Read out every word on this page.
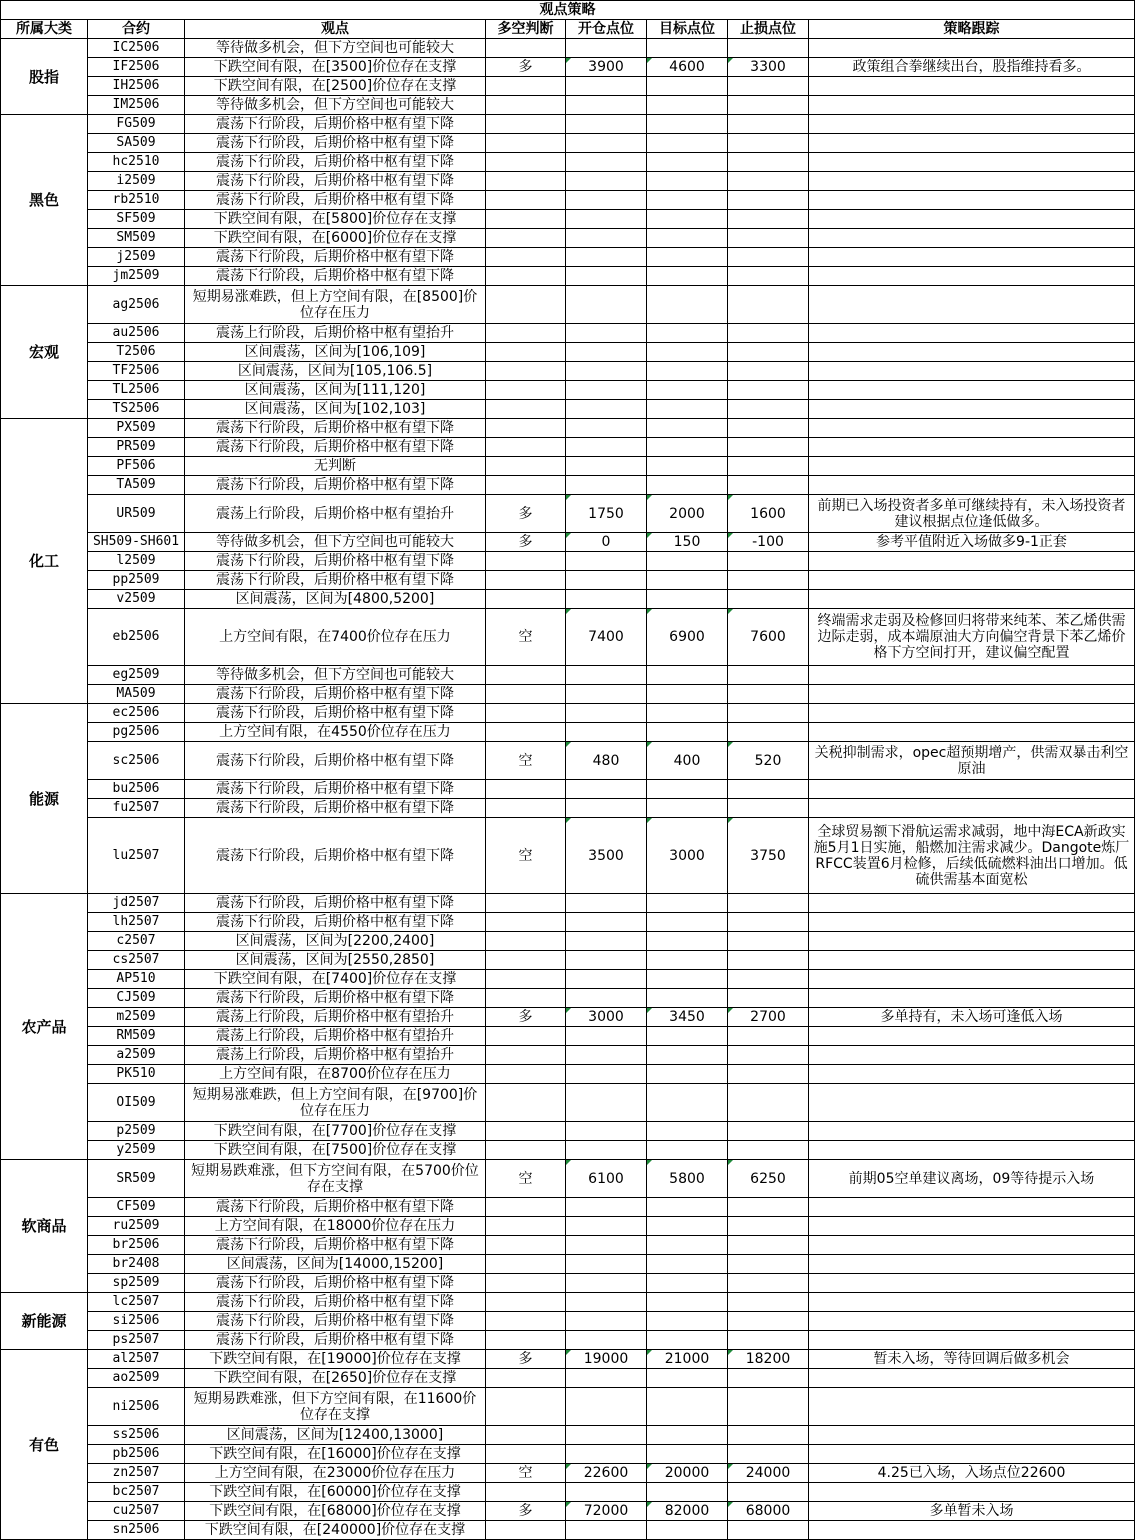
观点策略							
所属大类	合约	观点	多空判断	开仓点位	目标点位	止损点位	策略跟踪
股指	IC2506	等待做多机会，但下方空间也可能较大					
	IF2506	下跌空间有限，在[3500]价位存在支撑	多	3900	4600	3300	政策组合拳继续出台，股指维持看多。
	IH2506	下跌空间有限，在[2500]价位存在支撑					
	IM2506	等待做多机会，但下方空间也可能较大					
黑色	FG509	震荡下行阶段，后期价格中枢有望下降					
	SA509	震荡下行阶段，后期价格中枢有望下降					
	hc2510	震荡下行阶段，后期价格中枢有望下降					
	i2509	震荡下行阶段，后期价格中枢有望下降					
	rb2510	震荡下行阶段，后期价格中枢有望下降					
	SF509	下跌空间有限，在[5800]价位存在支撑					
	SM509	下跌空间有限，在[6000]价位存在支撑					
	j2509	震荡下行阶段，后期价格中枢有望下降					
	jm2509	震荡下行阶段，后期价格中枢有望下降					
宏观	ag2506	短期易涨难跌，但上方空间有限，在[8500]价位存在压力					
	au2506	震荡上行阶段，后期价格中枢有望抬升					
	T2506	区间震荡，区间为[106,109]					
	TF2506	区间震荡，区间为[105,106.5]					
	TL2506	区间震荡，区间为[111,120]					
	TS2506	区间震荡，区间为[102,103]					
化工	PX509	震荡下行阶段，后期价格中枢有望下降					
	PR509	震荡下行阶段，后期价格中枢有望下降					
	PF506	无判断					
	TA509	震荡下行阶段，后期价格中枢有望下降					
	UR509	震荡上行阶段，后期价格中枢有望抬升	多	1750	2000	1600	前期已入场投资者多单可继续持有，未入场投资者建议根据点位逢低做多。
	SH509-SH601	等待做多机会，但下方空间也可能较大	多	0	150	-100	参考平值附近入场做多9-1正套
	l2509	震荡下行阶段，后期价格中枢有望下降					
	pp2509	震荡下行阶段，后期价格中枢有望下降					
	v2509	区间震荡，区间为[4800,5200]					
	eb2506	上方空间有限，在7400价位存在压力	空	7400	6900	7600	终端需求走弱及检修回归将带来纯苯、苯乙烯供需边际走弱，成本端原油大方向偏空背景下苯乙烯价格下方空间打开，建议偏空配置
	eg2509	等待做多机会，但下方空间也可能较大					
	MA509	震荡下行阶段，后期价格中枢有望下降					
能源	ec2506	震荡下行阶段，后期价格中枢有望下降					
	pg2506	上方空间有限，在4550价位存在压力					
	sc2506	震荡下行阶段，后期价格中枢有望下降	空	480	400	520	关税抑制需求，opec超预期增产，供需双暴击利空原油
	bu2506	震荡下行阶段，后期价格中枢有望下降					
	fu2507	震荡下行阶段，后期价格中枢有望下降					
	lu2507	震荡下行阶段，后期价格中枢有望下降	空	3500	3000	3750	全球贸易额下滑航运需求减弱，地中海ECA新政实施5月1日实施，船燃加注需求减少。Dangote炼厂RFCC装置6月检修，后续低硫燃料油出口增加。低硫供需基本面宽松
农产品	jd2507	震荡下行阶段，后期价格中枢有望下降					
	lh2507	震荡下行阶段，后期价格中枢有望下降					
	c2507	区间震荡，区间为[2200,2400]					
	cs2507	区间震荡，区间为[2550,2850]					
	AP510	下跌空间有限，在[7400]价位存在支撑					
	CJ509	震荡下行阶段，后期价格中枢有望下降					
	m2509	震荡上行阶段，后期价格中枢有望抬升	多	3000	3450	2700	多单持有，未入场可逢低入场
	RM509	震荡上行阶段，后期价格中枢有望抬升					
	a2509	震荡上行阶段，后期价格中枢有望抬升					
	PK510	上方空间有限，在8700价位存在压力					
	OI509	短期易涨难跌，但上方空间有限，在[9700]价位存在压力					
	p2509	下跌空间有限，在[7700]价位存在支撑					
	y2509	下跌空间有限，在[7500]价位存在支撑					
软商品	SR509	短期易跌难涨，但下方空间有限，在5700价位存在支撑	空	6100	5800	6250	前期05空单建议离场，09等待提示入场
	CF509	震荡下行阶段，后期价格中枢有望下降					
	ru2509	上方空间有限，在18000价位存在压力					
	br2506	震荡下行阶段，后期价格中枢有望下降					
	br2408	区间震荡，区间为[14000,15200]					
	sp2509	震荡下行阶段，后期价格中枢有望下降					
新能源	lc2507	震荡下行阶段，后期价格中枢有望下降					
	si2506	震荡下行阶段，后期价格中枢有望下降					
	ps2507	震荡下行阶段，后期价格中枢有望下降					
有色	al2507	下跌空间有限，在[19000]价位存在支撑	多	19000	21000	18200	暂未入场，等待回调后做多机会
	ao2509	下跌空间有限，在[2650]价位存在支撑					
	ni2506	短期易跌难涨，但下方空间有限，在11600价位存在支撑					
	ss2506	区间震荡，区间为[12400,13000]					
	pb2506	下跌空间有限，在[16000]价位存在支撑					
	zn2507	上方空间有限，在23000价位存在压力	空	22600	20000	24000	4.25已入场，入场点位22600
	bc2507	下跌空间有限，在[60000]价位存在支撑					
	cu2507	下跌空间有限，在[68000]价位存在支撑	多	72000	82000	68000	多单暂未入场
	sn2506	下跌空间有限，在[240000]价位存在支撑					
